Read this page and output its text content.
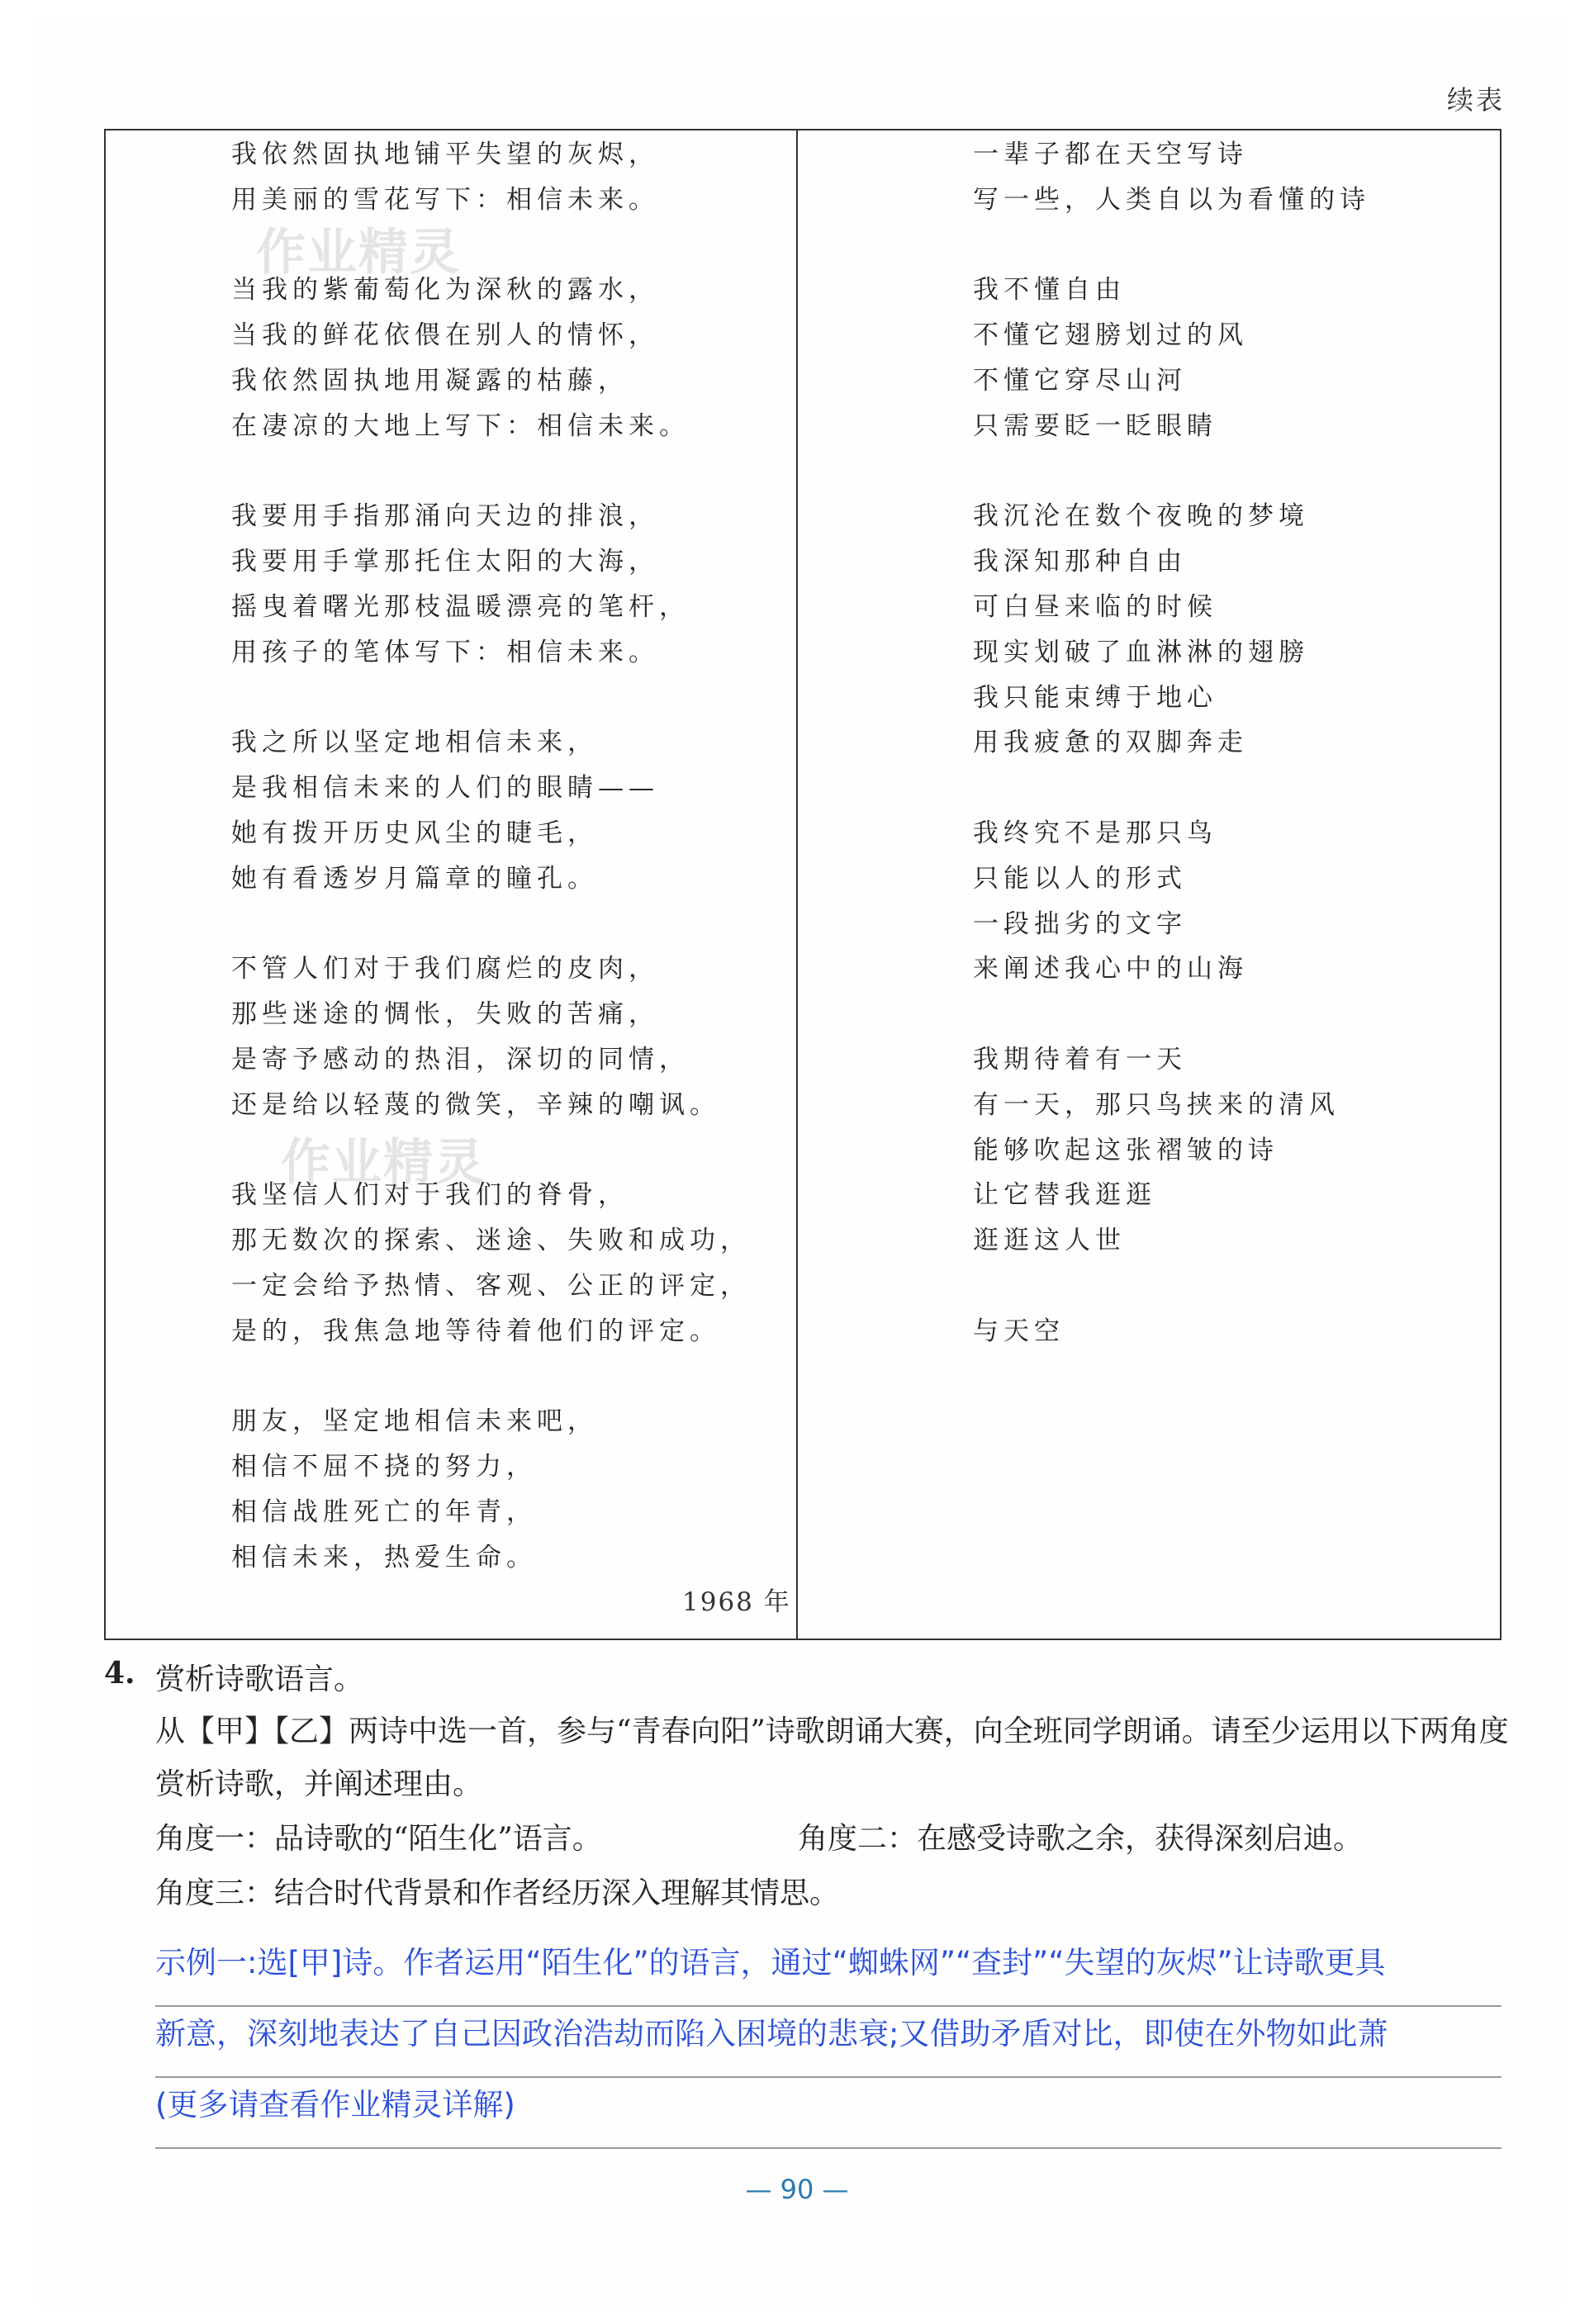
续表
作业精灵
作业精灵
我依然固执地铺平失望的灰烬，
用美丽的雪花写下：相信未来。
当我的紫葡萄化为深秋的露水，
当我的鲜花依偎在别人的情怀，
我依然固执地用凝露的枯藤，
在凄凉的大地上写下：相信未来。
我要用手指那涌向天边的排浪，
我要用手掌那托住太阳的大海，
摇曳着曙光那枝温暖漂亮的笔杆，
用孩子的笔体写下：相信未来。
我之所以坚定地相信未来，
是我相信未来的人们的眼睛——
她有拨开历史风尘的睫毛，
她有看透岁月篇章的瞳孔。
不管人们对于我们腐烂的皮肉，
那些迷途的惆怅，失败的苦痛，
是寄予感动的热泪，深切的同情，
还是给以轻蔑的微笑，辛辣的嘲讽。
我坚信人们对于我们的脊骨，
那无数次的探索、迷途、失败和成功，
一定会给予热情、客观、公正的评定，
是的，我焦急地等待着他们的评定。
朋友，坚定地相信未来吧，
相信不屈不挠的努力，
相信战胜死亡的年青，
相信未来，热爱生命。
1968 年
一辈子都在天空写诗
写一些，人类自以为看懂的诗
我不懂自由
不懂它翅膀划过的风
不懂它穿尽山河
只需要眨一眨眼睛
我沉沦在数个夜晚的梦境
我深知那种自由
可白昼来临的时候
现实划破了血淋淋的翅膀
我只能束缚于地心
用我疲惫的双脚奔走
我终究不是那只鸟
只能以人的形式
一段拙劣的文字
来阐述我心中的山海
我期待着有一天
有一天，那只鸟挟来的清风
能够吹起这张褶皱的诗
让它替我逛逛
逛逛这人世
与天空
4. 赏析诗歌语言。
从【甲】【乙】两诗中选一首，参与“青春向阳”诗歌朗诵大赛，向全班同学朗诵。请至少运用以下两角度赏析诗歌，并阐述理由。
角度一：品诗歌的“陌生化”语言。	角度二：在感受诗歌之余，获得深刻启迪。
角度三：结合时代背景和作者经历深入理解其情思。
示例一:选[甲]诗。作者运用“陌生化”的语言，通过“蜘蛛网”“查封”“失望的灰烬”让诗歌更具
新意，深刻地表达了自己因政治浩劫而陷入困境的悲衰;又借助矛盾对比，即使在外物如此萧
(更多请查看作业精灵详解)
— 90 —
